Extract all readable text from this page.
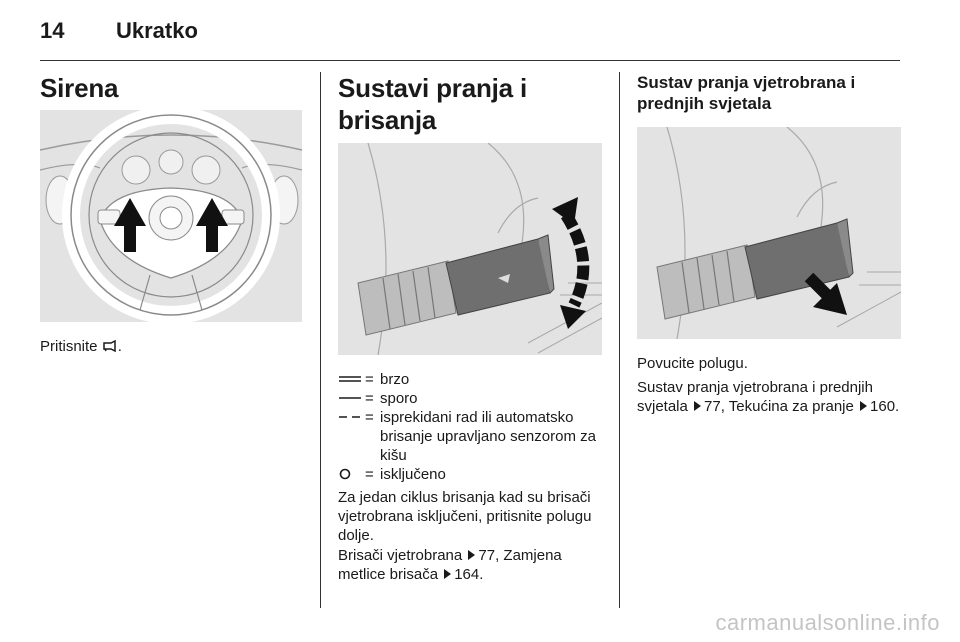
14 Ukratko
Sirena

Pritisnite .

Sustavi pranja i brisanja
= brzo
= sporo
= isprekidani rad ili automatsko brisanje upravljano senzorom za kišu
= isključeno

Za jedan ciklus brisanja kad su brisači vjetrobrana isključeni, pritisnite polugu dolje.

Brisači vjetrobrana 77, Zamjena metlice brisača 164.

Sustav pranja vjetrobrana i prednjih svjetala

Povucite polugu.

Sustav pranja vjetrobrana i prednjih svjetala 77, Tekućina za pranje 160.

carmanualsonline.info
